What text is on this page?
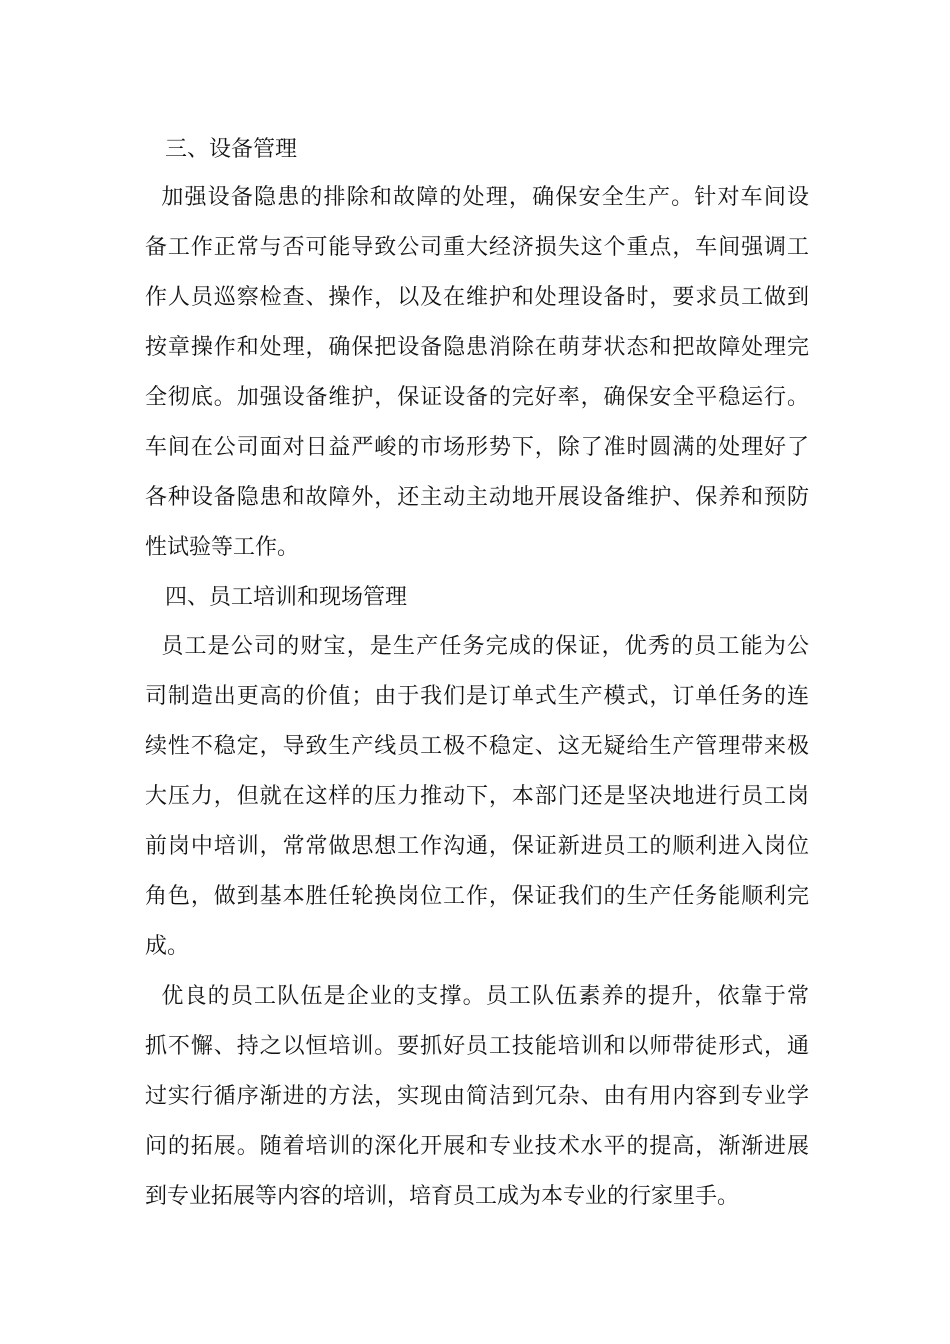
三、设备管理
加强设备隐患的排除和故障的处理，确保安全生产。针对车间设
备工作正常与否可能导致公司重大经济损失这个重点，车间强调工
作人员巡察检查、操作，以及在维护和处理设备时，要求员工做到
按章操作和处理，确保把设备隐患消除在萌芽状态和把故障处理完
全彻底。加强设备维护，保证设备的完好率，确保安全平稳运行。
车间在公司面对日益严峻的市场形势下，除了准时圆满的处理好了
各种设备隐患和故障外，还主动主动地开展设备维护、保养和预防
性试验等工作。
四、员工培训和现场管理
员工是公司的财宝，是生产任务完成的保证，优秀的员工能为公
司制造出更高的价值；由于我们是订单式生产模式，订单任务的连
续性不稳定，导致生产线员工极不稳定、这无疑给生产管理带来极
大压力，但就在这样的压力推动下，本部门还是坚决地进行员工岗
前岗中培训，常常做思想工作沟通，保证新进员工的顺利进入岗位
角色，做到基本胜任轮换岗位工作，保证我们的生产任务能顺利完
成。
优良的员工队伍是企业的支撑。员工队伍素养的提升，依靠于常
抓不懈、持之以恒培训。要抓好员工技能培训和以师带徒形式，通
过实行循序渐进的方法，实现由简洁到冗杂、由有用内容到专业学
问的拓展。随着培训的深化开展和专业技术水平的提高，渐渐进展
到专业拓展等内容的培训，培育员工成为本专业的行家里手。
